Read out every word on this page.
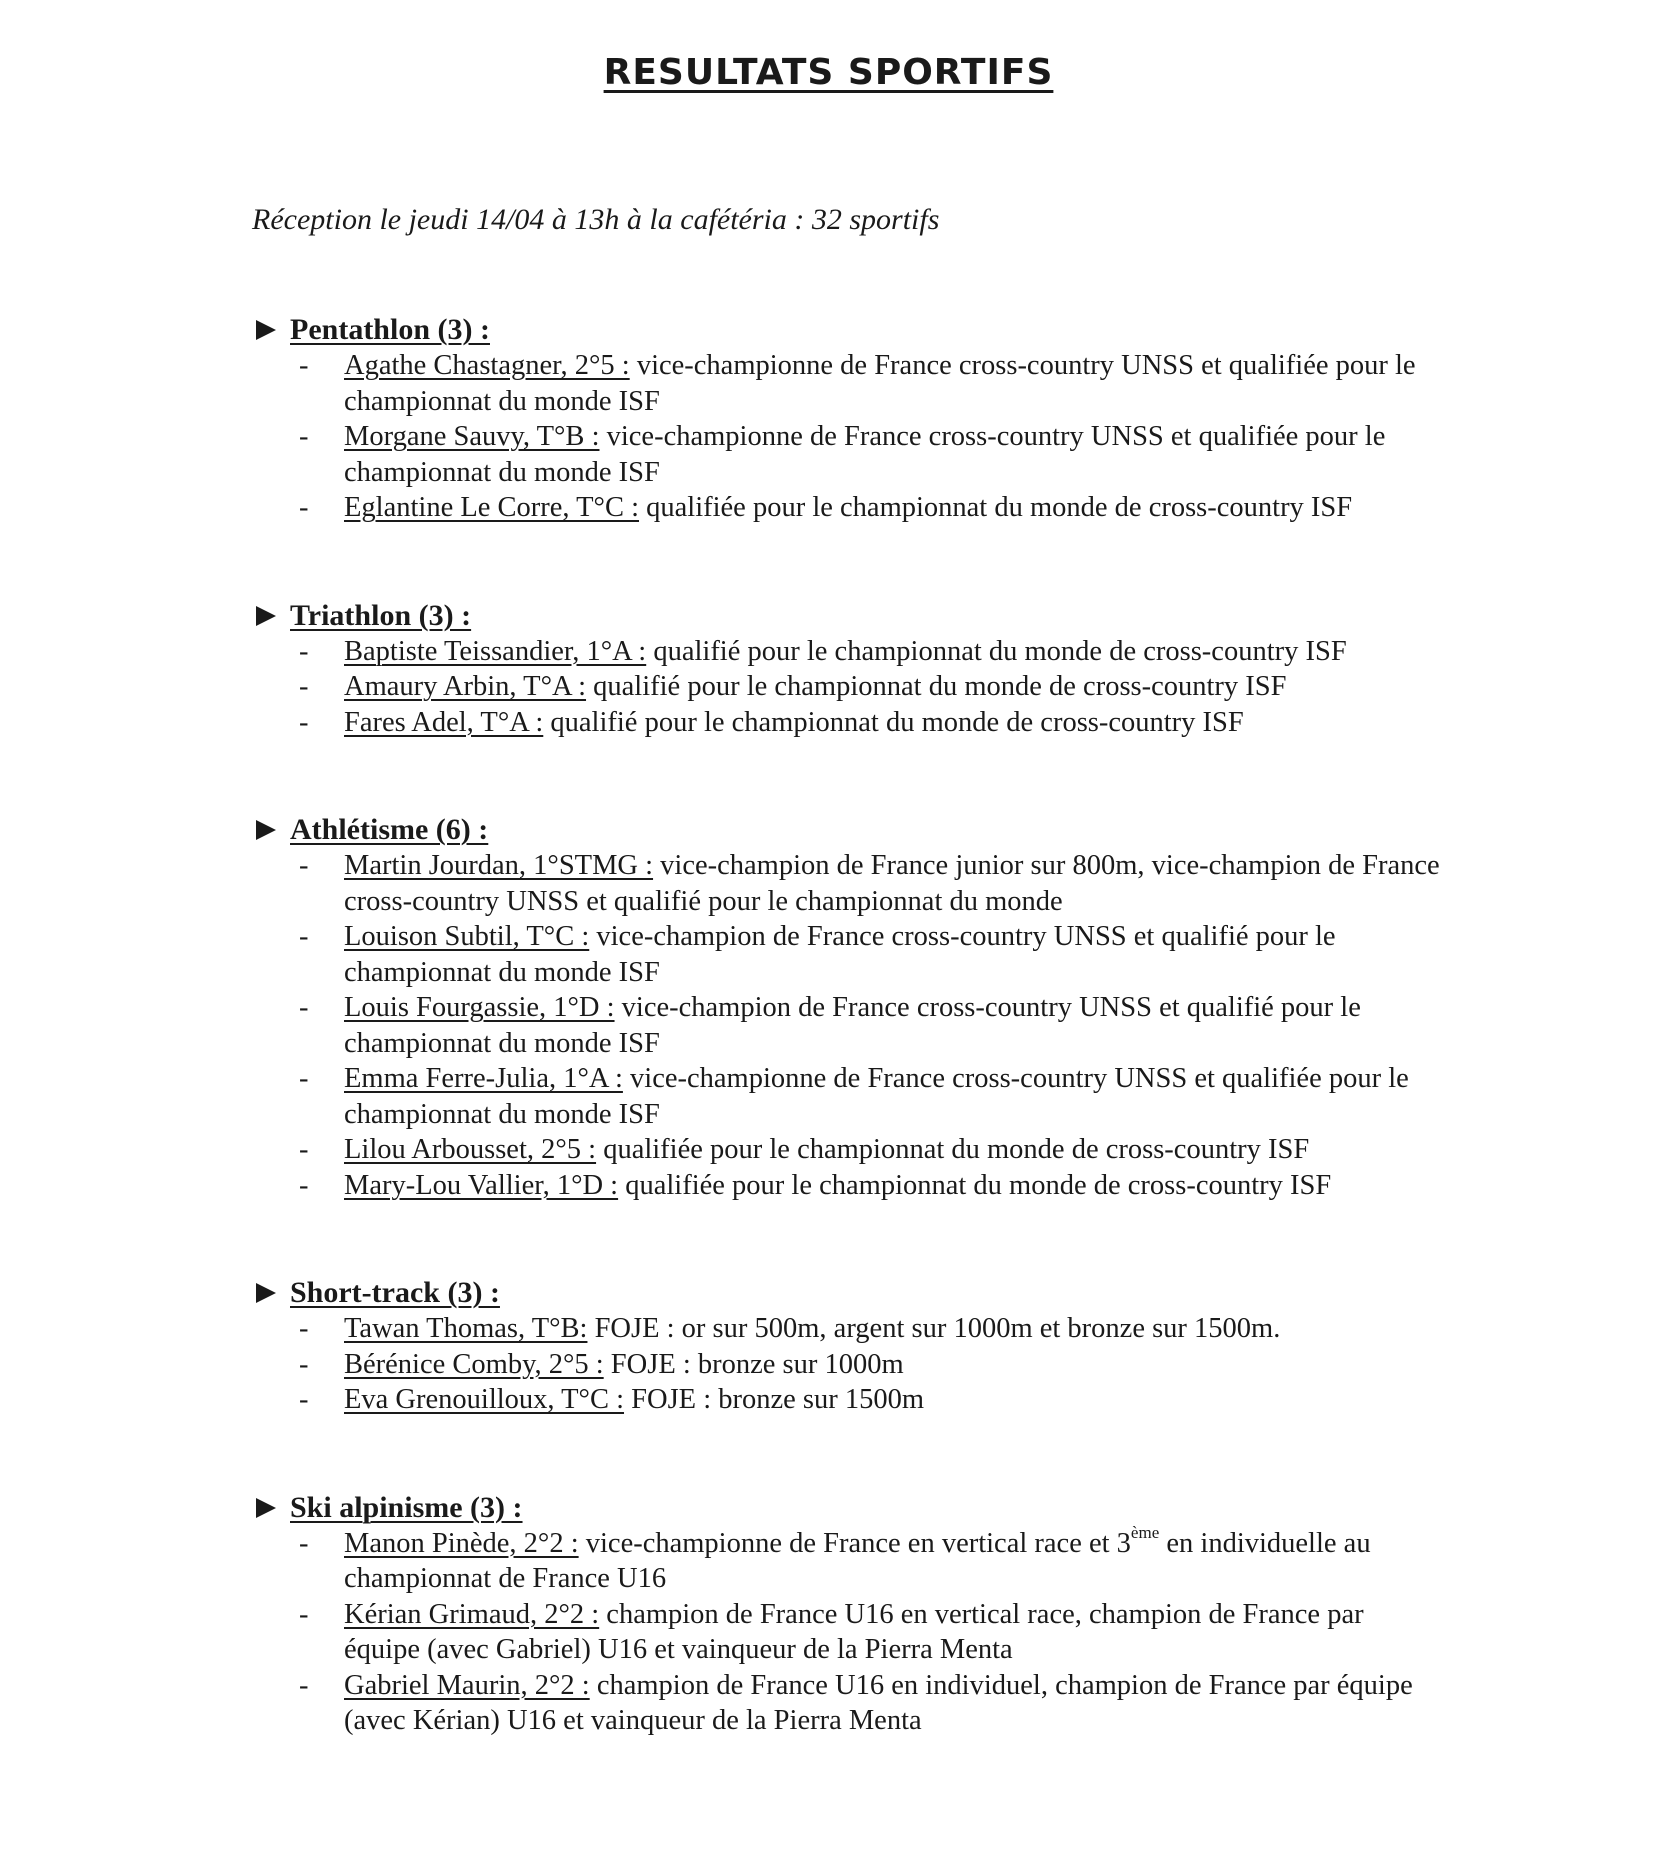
RESULTATS SPORTIFS
Réception le jeudi 14/04 à 13h à la cafétéria : 32 sportifs
Pentathlon (3) :
- Agathe Chastagner, 2°5 : vice-championne de France cross-country UNSS et qualifiée pour le championnat du monde ISF
- Morgane Sauvy, T°B : vice-championne de France cross-country UNSS et qualifiée pour le championnat du monde ISF
- Eglantine Le Corre, T°C : qualifiée pour le championnat du monde de cross-country ISF
Triathlon (3) :
- Baptiste Teissandier, 1°A : qualifié pour le championnat du monde de cross-country ISF
- Amaury Arbin, T°A : qualifié pour le championnat du monde de cross-country ISF
- Fares Adel, T°A : qualifié pour le championnat du monde de cross-country ISF
Athlétisme (6) :
- Martin Jourdan, 1°STMG : vice-champion de France junior sur 800m, vice-champion de France cross-country UNSS et qualifié pour le championnat du monde
- Louison Subtil, T°C : vice-champion de France cross-country UNSS et qualifié pour le championnat du monde ISF
- Louis Fourgassie, 1°D : vice-champion de France cross-country UNSS et qualifié pour le championnat du monde ISF
- Emma Ferre-Julia, 1°A : vice-championne de France cross-country UNSS et qualifiée pour le championnat du monde ISF
- Lilou Arbousset, 2°5 : qualifiée pour le championnat du monde de cross-country ISF
- Mary-Lou Vallier, 1°D : qualifiée pour le championnat du monde de cross-country ISF
Short-track (3) :
- Tawan Thomas, T°B: FOJE : or sur 500m, argent sur 1000m et bronze sur 1500m.
- Bérénice Comby, 2°5 : FOJE : bronze sur 1000m
- Eva Grenouilloux, T°C : FOJE : bronze sur 1500m
Ski alpinisme (3) :
- Manon Pinède, 2°2 : vice-championne de France en vertical race et 3ème en individuelle au championnat de France U16
- Kérian Grimaud, 2°2 : champion de France U16 en vertical race, champion de France par équipe (avec Gabriel) U16 et vainqueur de la Pierra Menta
- Gabriel Maurin, 2°2 : champion de France U16 en individuel, champion de France par équipe (avec Kérian) U16 et vainqueur de la Pierra Menta
